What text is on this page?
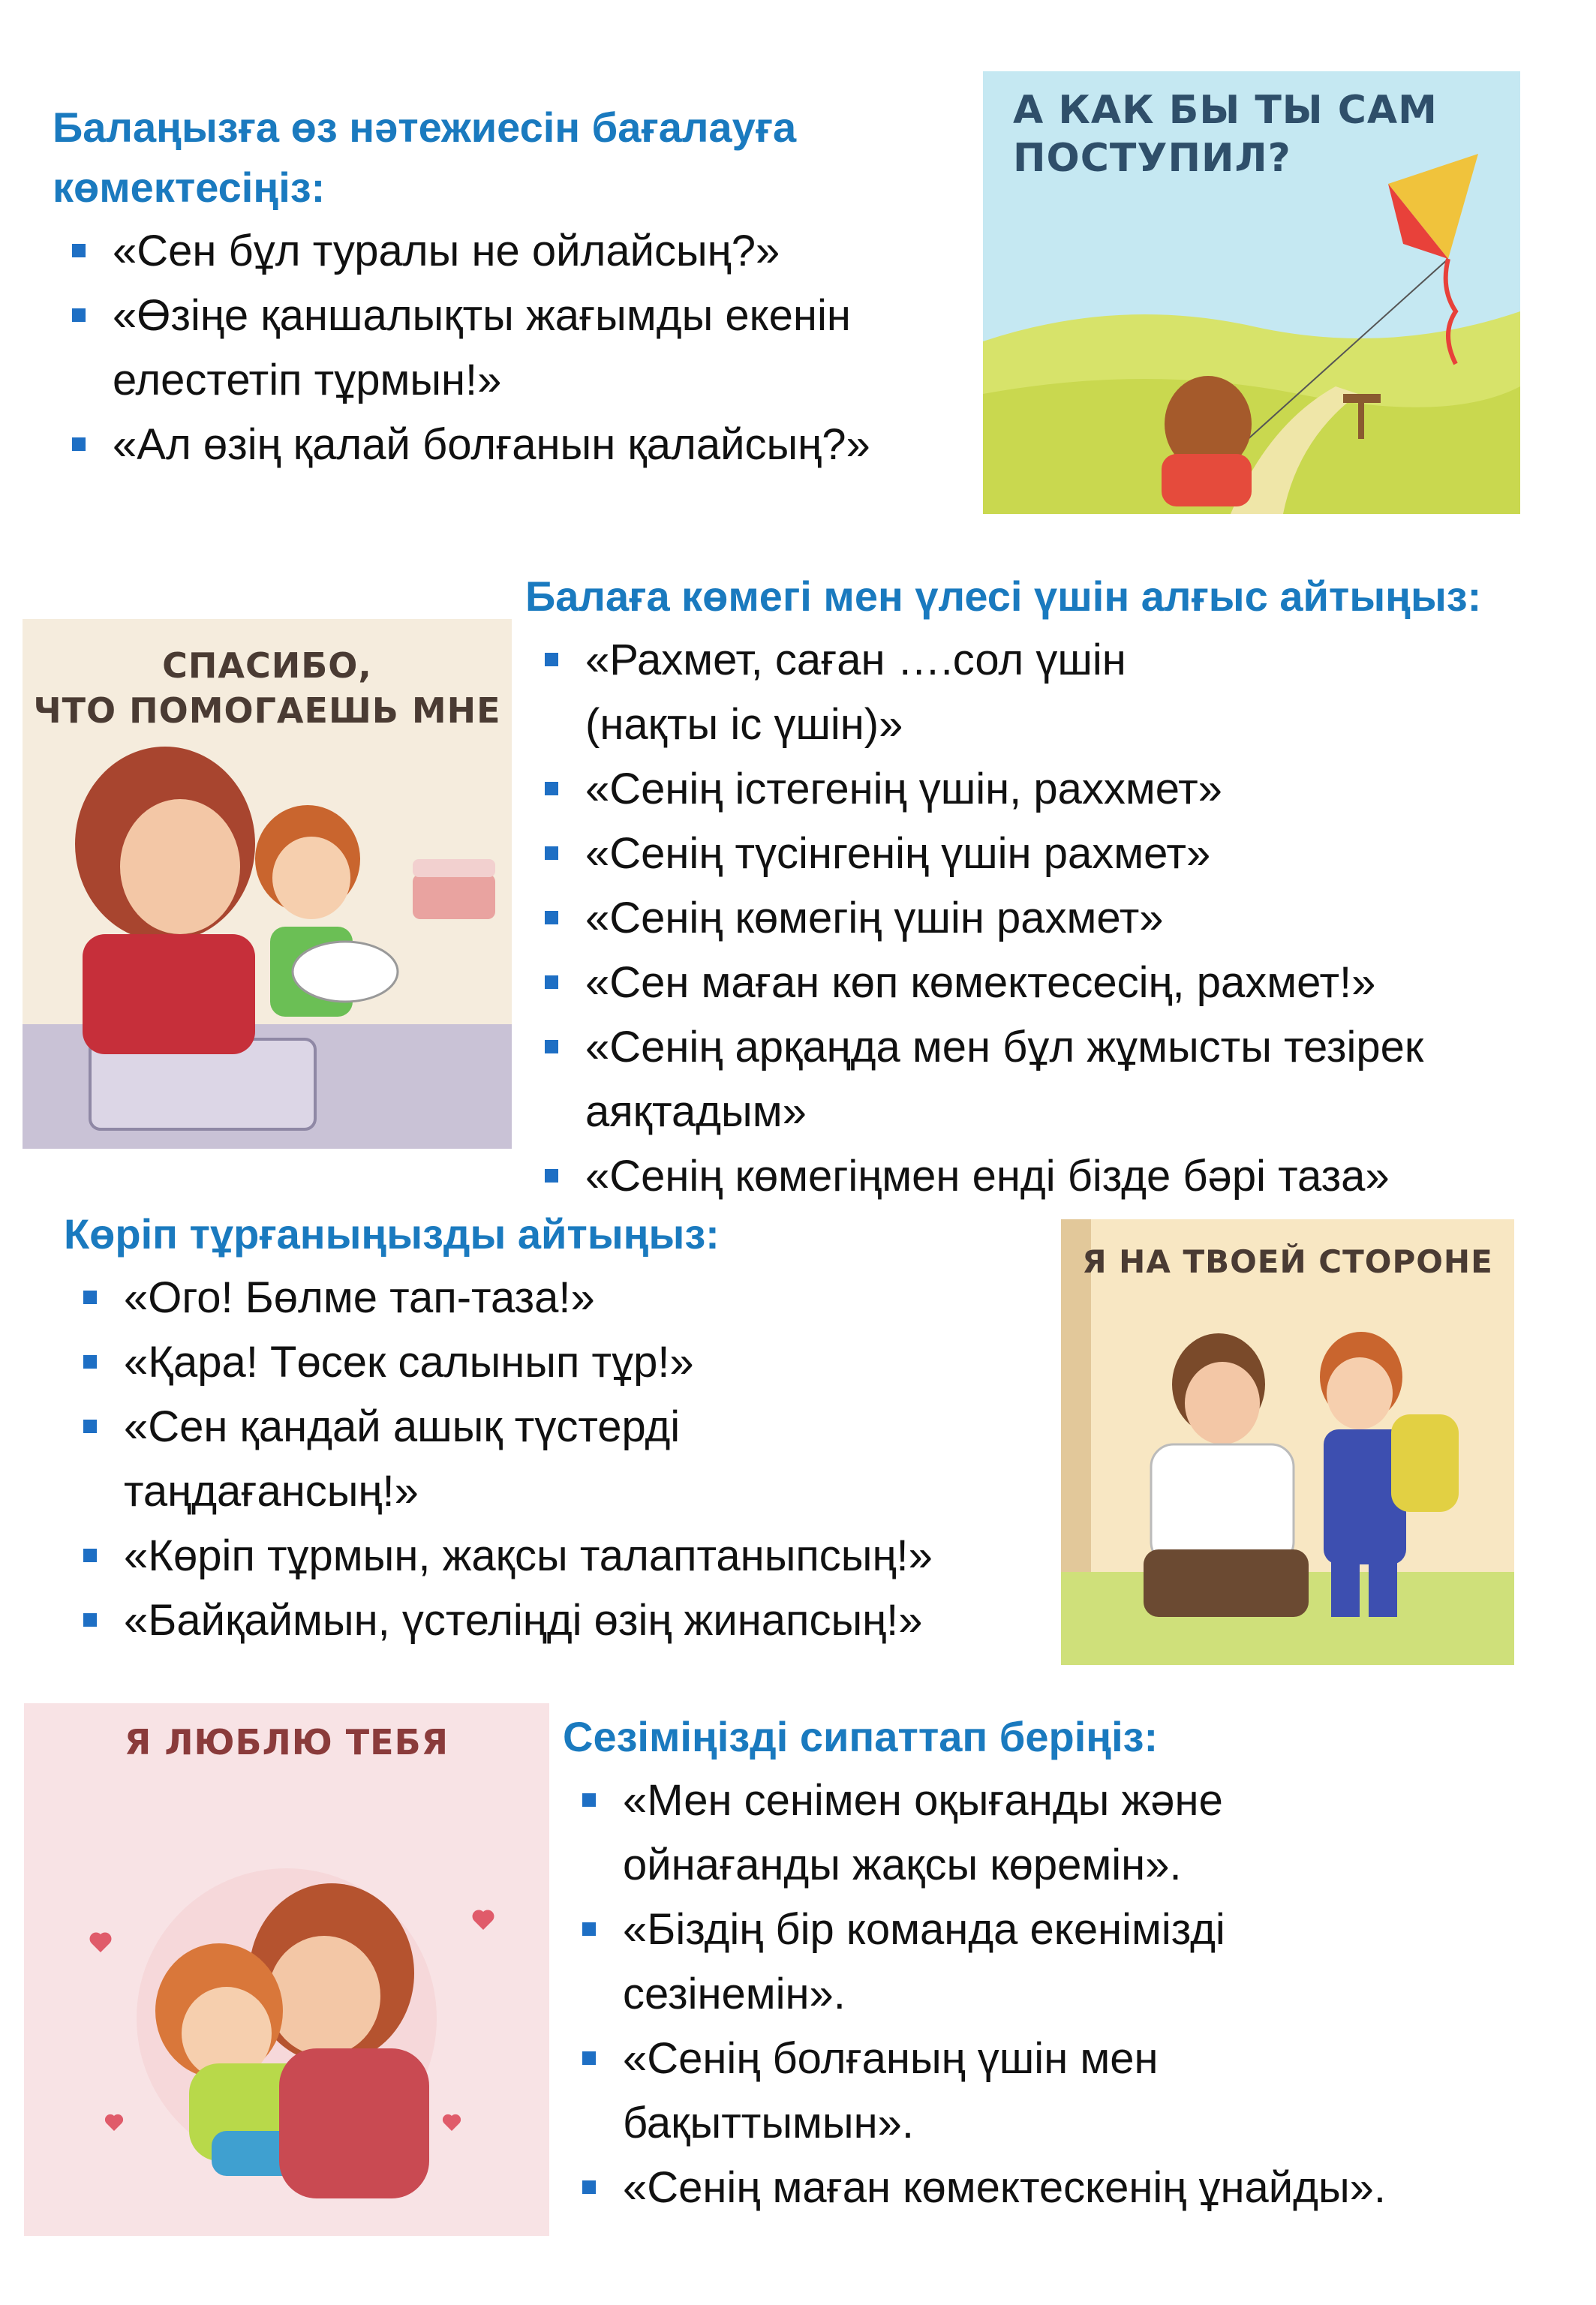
Балаңызға өз нәтежиесін бағалауға көмектесіңіз:
«Сен бұл туралы не ойлайсың?»
«Өзіңе қаншалықты жағымды екенін елестетіп тұрмын!»
«Ал өзің қалай болғанын қалайсың?»
А КАК БЫ ТЫ САМ
ПОСТУПИЛ?
Балаға көмегі мен үлесі үшін алғыс айтыңыз:
«Рахмет, саған ….сол үшін (нақты іс үшін)»
«Сенің істегенің үшін, раххмет»
«Сенің түсінгенің үшін рахмет»
«Сенің көмегің үшін рахмет»
«Сен маған көп көмектесесің, рахмет!»
«Сенің арқаңда мен бұл жұмысты тезірек аяқтадым»
«Сенің көмегіңмен енді бізде бәрі таза»
СПАСИБО,
ЧТО ПОМОГАЕШЬ МНЕ
Көріп тұрғаныңызды айтыңыз:
«Ого! Бөлме тап-таза!»
«Қара! Төсек салынып тұр!»
«Сен қандай ашық түстерді таңдағансың!»
«Көріп тұрмын, жақсы талаптаныпсың!»
«Байқаймын, үстеліңді өзің жинапсың!»
Я НА ТВОЕЙ СТОРОНЕ
Сезіміңізді сипаттап беріңіз:
«Мен сенімен оқығанды және ойнағанды жақсы көремін».
«Біздің бір команда екенімізді сезінемін».
«Сенің болғаның үшін мен бақыттымын».
«Сенің маған көмектескенің ұнайды».
Я ЛЮБЛЮ ТЕБЯ
